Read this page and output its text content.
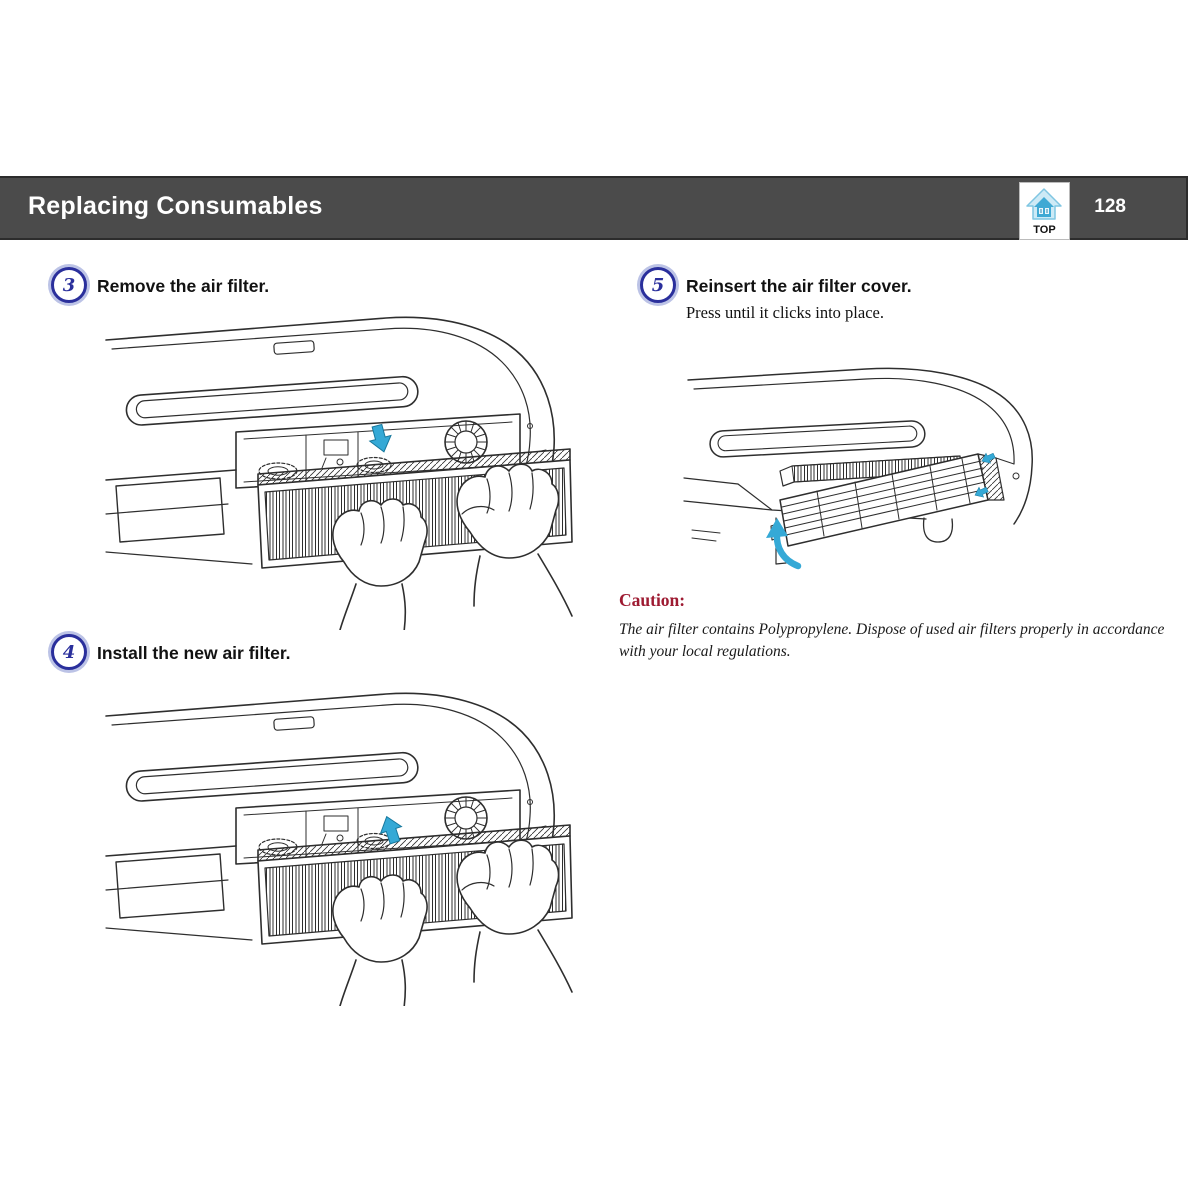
Replacing Consumables	128
TOP
3 Remove the air filter.
4 Install the new air filter.
5 Reinsert the air filter cover.
Press until it clicks into place.
Caution:
The air filter contains Polypropylene. Dispose of used air filters properly in accordance with your local regulations.
